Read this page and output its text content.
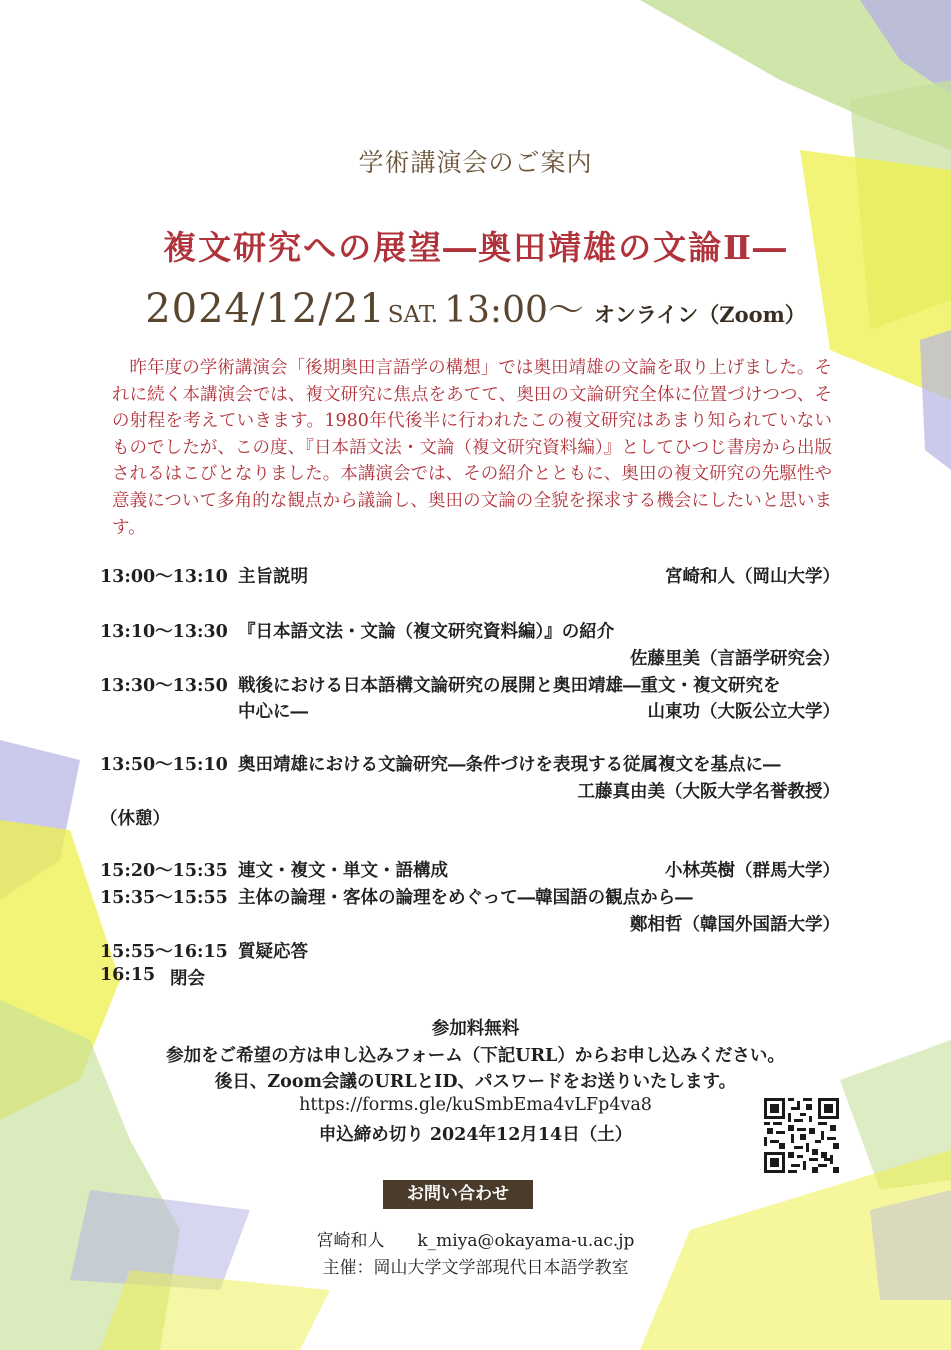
学術講演会のご案内
複文研究への展望―奥田靖雄の文論Ⅱ―
2024/12/21SAT. 13:00〜 オンライン（Zoom）
昨年度の学術講演会「後期奥田言語学の構想」では奥田靖雄の文論を取り上げました。それに続く本講演会では、複文研究に焦点をあてて、奥田の文論研究全体に位置づけつつ、その射程を考えていきます。1980年代後半に行われたこの複文研究はあまり知られていないものでしたが、この度、『日本語文法・文論（複文研究資料編）』としてひつじ書房から出版されるはこびとなりました。本講演会では、その紹介とともに、奥田の複文研究の先駆性や意義について多角的な観点から議論し、奥田の文論の全貌を探求する機会にしたいと思います。
13:00〜13:10 主旨説明	宮崎和人（岡山大学）
13:10〜13:30 『日本語文法・文論（複文研究資料編）』の紹介
佐藤里美（言語学研究会）
13:30〜13:50 戦後における日本語構文論研究の展開と奥田靖雄―重文・複文研究を
中心に―	山東功（大阪公立大学）
13:50〜15:10 奥田靖雄における文論研究―条件づけを表現する従属複文を基点に―
工藤真由美（大阪大学名誉教授）
（休憩）
15:20〜15:35 連文・複文・単文・語構成	小林英樹（群馬大学）
15:35〜15:55 主体の論理・客体の論理をめぐって―韓国語の観点から―
鄭相哲（韓国外国語大学）
15:55〜16:15 質疑応答
16:15 閉会
参加料無料
参加をご希望の方は申し込みフォーム（下記URL）からお申し込みください。
後日、Zoom会議のURLとID、パスワードをお送りいたします。
https://forms.gle/kuSmbEma4vLFp4va8
申込締め切り 2024年12月14日（土）
お問い合わせ
宮崎和人 k_miya@okayama-u.ac.jp
主催：岡山大学文学部現代日本語学教室
